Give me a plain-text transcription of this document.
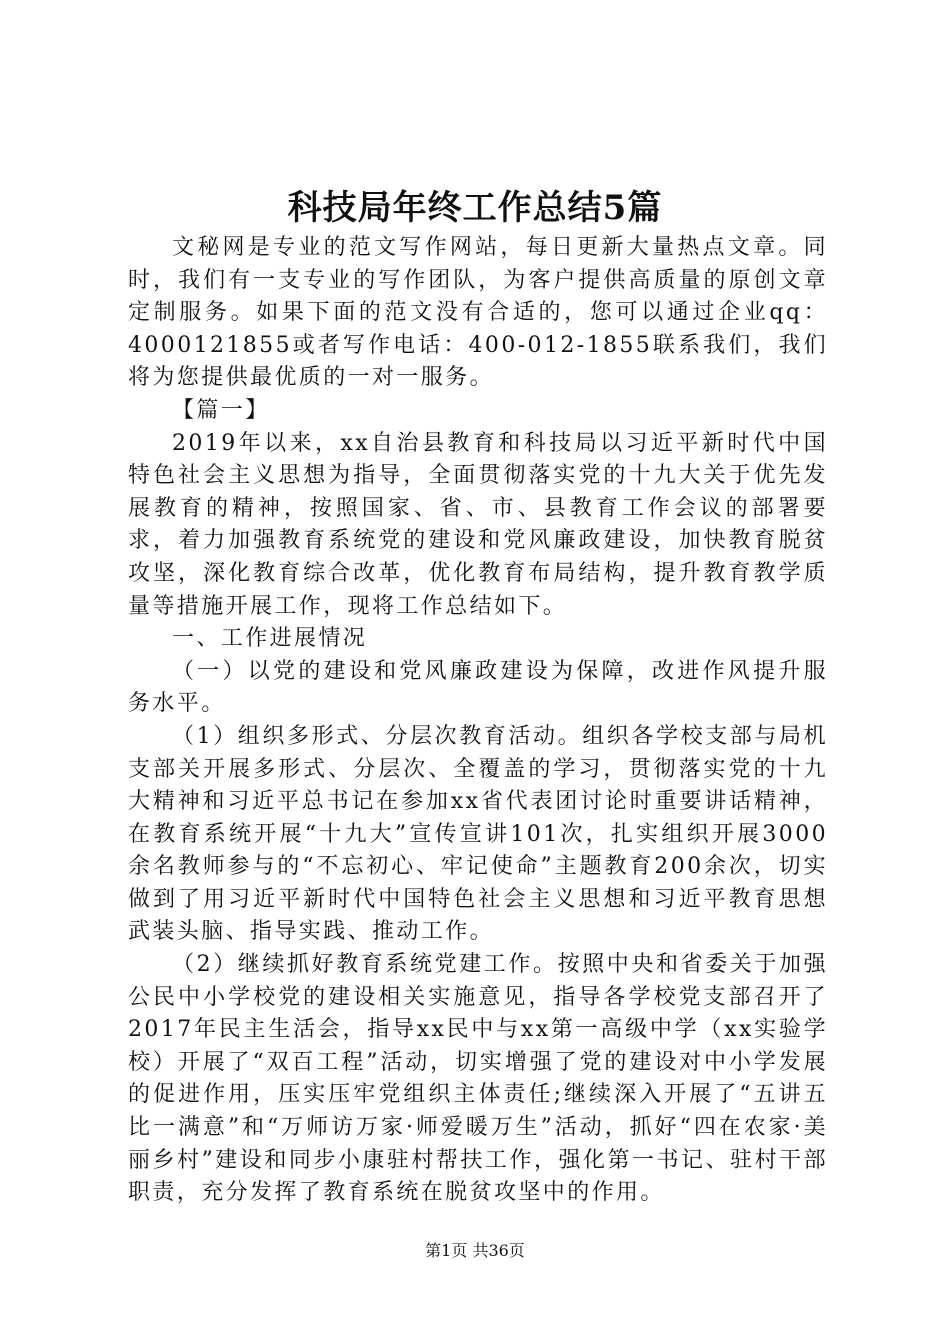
科技局年终工作总结5篇

文秘网是专业的范文写作网站，每日更新大量热点文章。同时，我们有一支专业的写作团队，为客户提供高质量的原创文章定制服务。如果下面的范文没有合适的，您可以通过企业qq：4000121855或者写作电话：400-012-1855联系我们，我们将为您提供最优质的一对一服务。

【篇一】

2019年以来，xx自治县教育和科技局以习近平新时代中国特色社会主义思想为指导，全面贯彻落实党的十九大关于优先发展教育的精神，按照国家、省、市、县教育工作会议的部署要求，着力加强教育系统党的建设和党风廉政建设，加快教育脱贫攻坚，深化教育综合改革，优化教育布局结构，提升教育教学质量等措施开展工作，现将工作总结如下。

一、工作进展情况

（一）以党的建设和党风廉政建设为保障，改进作风提升服务水平。

（1）组织多形式、分层次教育活动。组织各学校支部与局机支部关开展多形式、分层次、全覆盖的学习，贯彻落实党的十九大精神和习近平总书记在参加xx省代表团讨论时重要讲话精神，在教育系统开展“十九大”宣传宣讲101次，扎实组织开展3000余名教师参与的“不忘初心、牢记使命”主题教育200余次，切实做到了用习近平新时代中国特色社会主义思想和习近平教育思想武装头脑、指导实践、推动工作。

（2）继续抓好教育系统党建工作。按照中央和省委关于加强公民中小学校党的建设相关实施意见，指导各学校党支部召开了2017年民主生活会，指导xx民中与xx第一高级中学（xx实验学校）开展了“双百工程”活动，切实增强了党的建设对中小学发展的促进作用，压实压牢党组织主体责任;继续深入开展了“五讲五比一满意”和“万师访万家·师爱暖万生”活动，抓好“四在农家·美丽乡村”建设和同步小康驻村帮扶工作，强化第一书记、驻村干部职责，充分发挥了教育系统在脱贫攻坚中的作用。

第1页 共36页
